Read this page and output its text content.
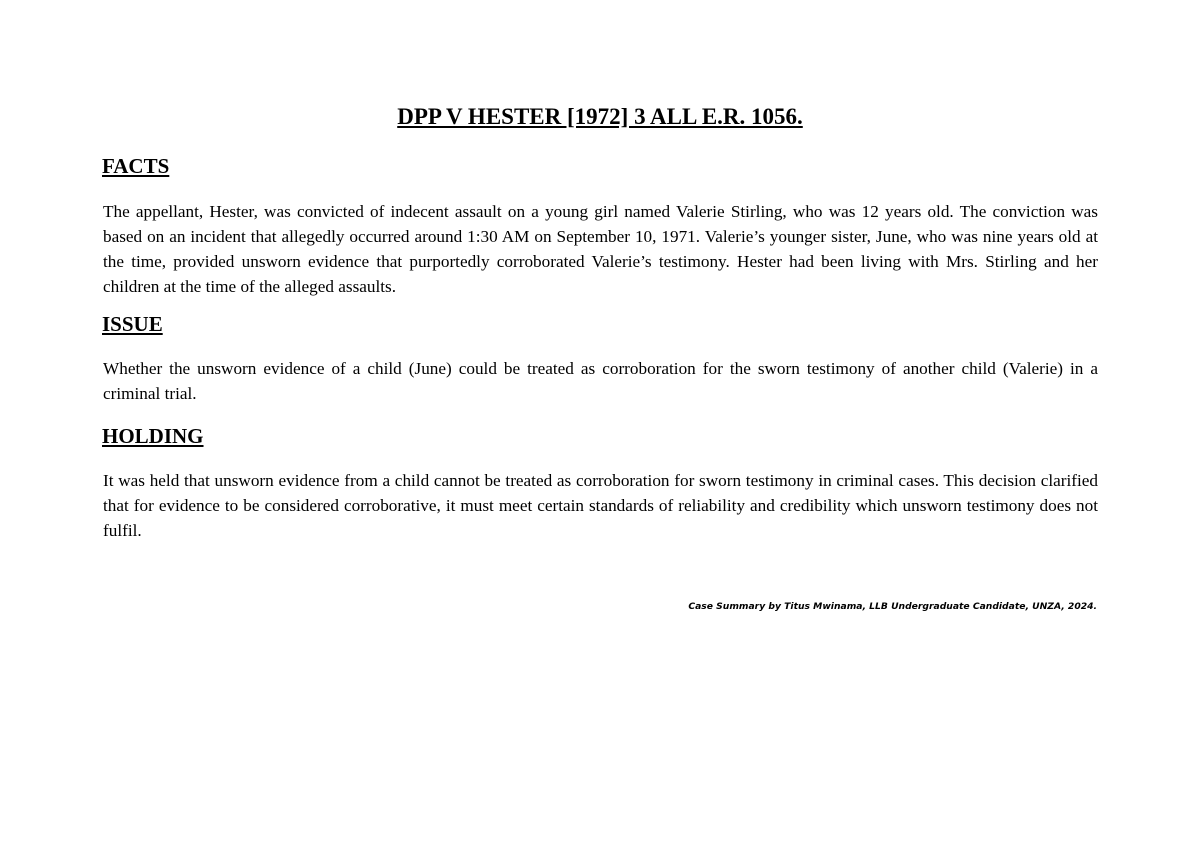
DPP V HESTER [1972] 3 ALL E.R. 1056.
FACTS

The appellant, Hester, was convicted of indecent assault on a young girl named Valerie Stirling, who was 12 years old. The conviction was based on an incident that allegedly occurred around 1:30 AM on September 10, 1971. Valerie’s younger sister, June, who was nine years old at the time, provided unsworn evidence that purportedly corroborated Valerie’s testimony. Hester had been living with Mrs. Stirling and her children at the time of the alleged assaults.

ISSUE

Whether the unsworn evidence of a child (June) could be treated as corroboration for the sworn testimony of another child (Valerie) in a criminal trial.

HOLDING

It was held that unsworn evidence from a child cannot be treated as corroboration for sworn testimony in criminal cases. This decision clarified that for evidence to be considered corroborative, it must meet certain standards of reliability and credibility which unsworn testimony does not fulfil.

Case Summary by Titus Mwinama, LLB Undergraduate Candidate, UNZA, 2024.
